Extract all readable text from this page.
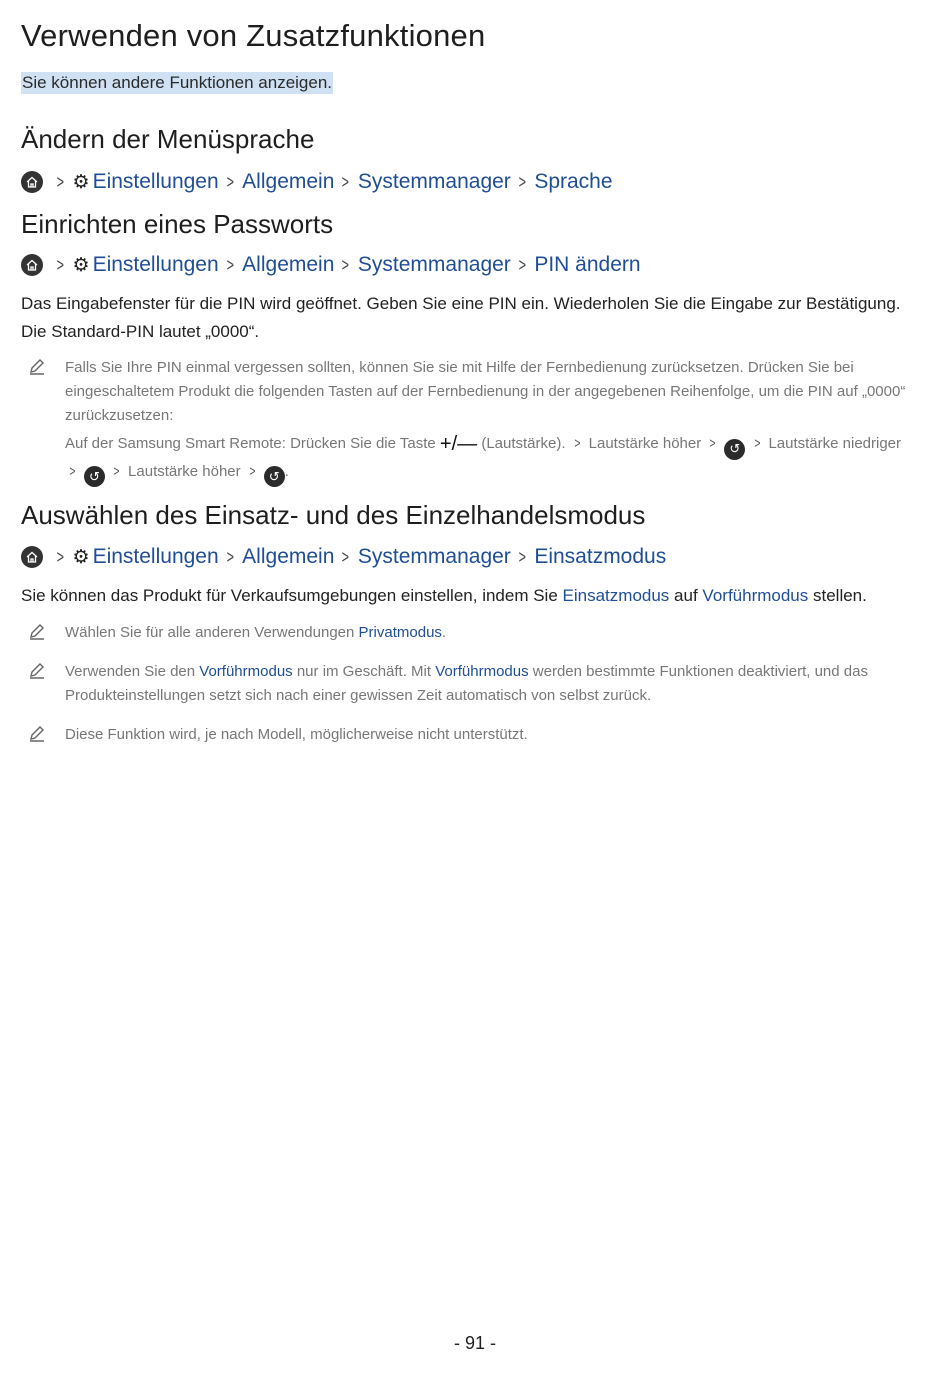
Verwenden von Zusatzfunktionen
Sie können andere Funktionen anzeigen.
Ändern der Menüsprache
> ⚙ Einstellungen > Allgemein > Systemmanager > Sprache
Einrichten eines Passworts
> ⚙ Einstellungen > Allgemein > Systemmanager > PIN ändern
Das Eingabefenster für die PIN wird geöffnet. Geben Sie eine PIN ein. Wiederholen Sie die Eingabe zur Bestätigung.
Die Standard-PIN lautet „0000“.
Falls Sie Ihre PIN einmal vergessen sollten, können Sie sie mit Hilfe der Fernbedienung zurücksetzen. Drücken Sie bei eingeschaltetem Produkt die folgenden Tasten auf der Fernbedienung in der angegebenen Reihenfolge, um die PIN auf „0000“ zurückzusetzen:
Auf der Samsung Smart Remote: Drücken Sie die Taste +/— (Lautstärke). > Lautstärke höher > ↺ > Lautstärke niedriger > ↺ > Lautstärke höher > ↺ .
Auswählen des Einsatz- und des Einzelhandelsmodus
> ⚙ Einstellungen > Allgemein > Systemmanager > Einsatzmodus
Sie können das Produkt für Verkaufsumgebungen einstellen, indem Sie Einsatzmodus auf Vorführmodus stellen.
Wählen Sie für alle anderen Verwendungen Privatmodus.
Verwenden Sie den Vorführmodus nur im Geschäft. Mit Vorführmodus werden bestimmte Funktionen deaktiviert, und das Produkteinstellungen setzt sich nach einer gewissen Zeit automatisch von selbst zurück.
Diese Funktion wird, je nach Modell, möglicherweise nicht unterstützt.
- 91 -
